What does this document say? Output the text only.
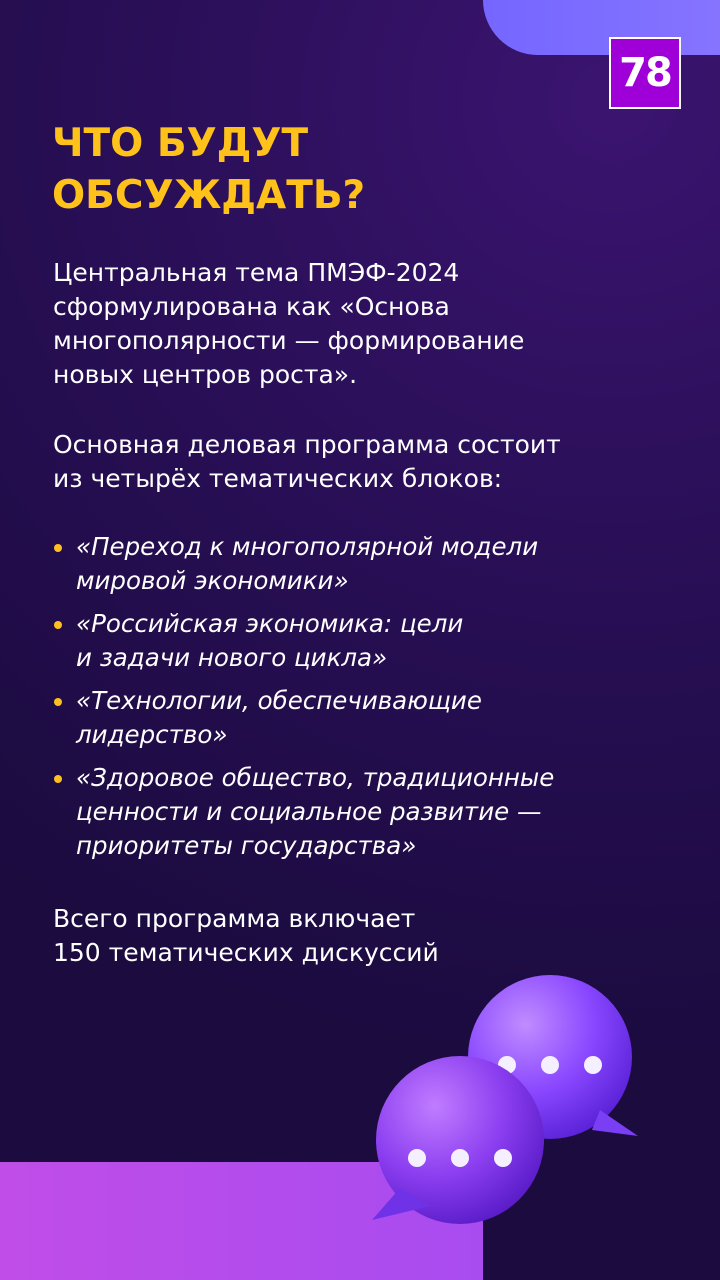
78
ЧТО БУДУТ ОБСУЖДАТЬ?

Центральная тема ПМЭФ-2024
сформулирована как «Основа
многополярности — формирование
новых центров роста».

Основная деловая программа состоит
из четырёх тематических блоков:

«Переход к многополярной модели
мировой экономики»
«Российская экономика: цели
и задачи нового цикла»
«Технологии, обеспечивающие
лидерство»
«Здоровое общество, традиционные
ценности и социальное развитие —
приоритеты государства»

Всего программа включает
150 тематических дискуссий
